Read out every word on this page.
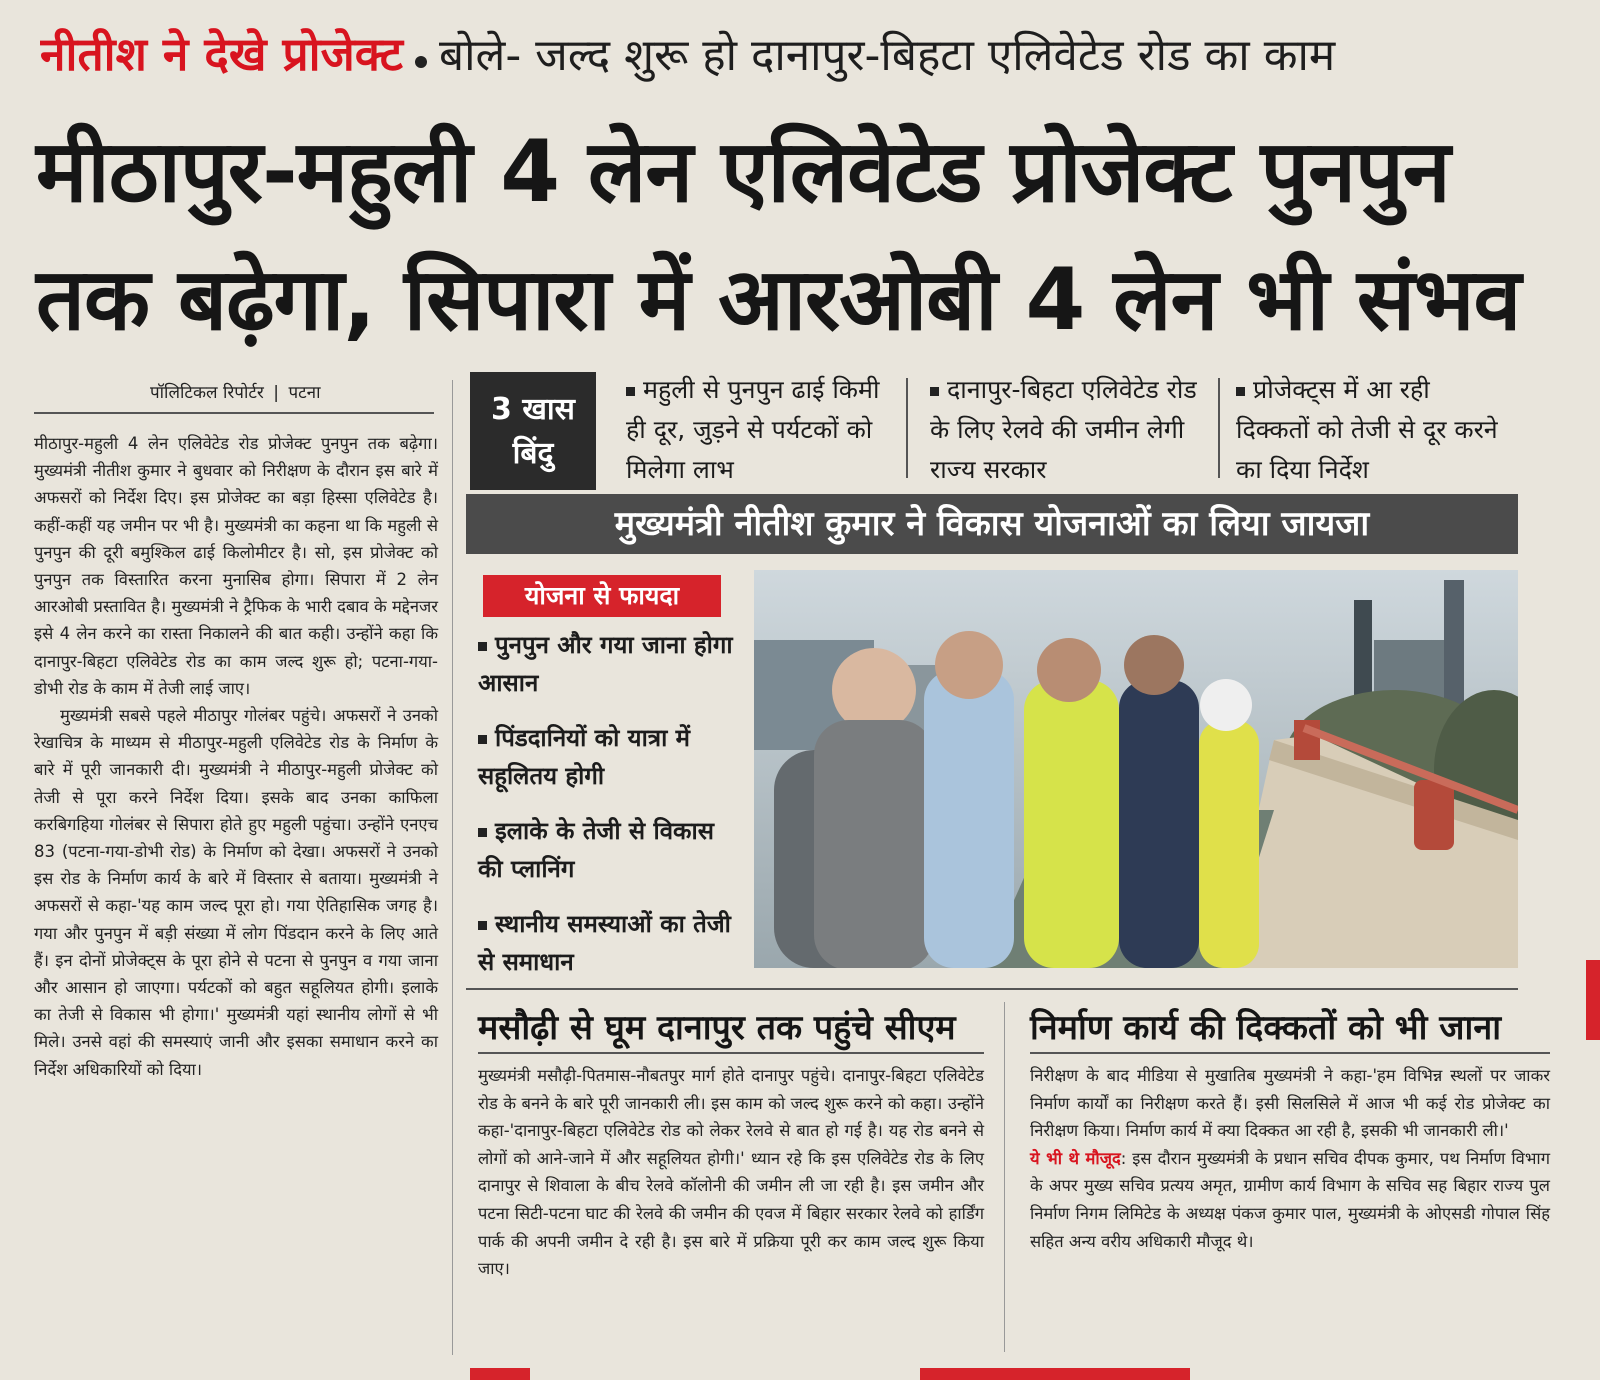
नीतीश ने देखे प्रोजेक्ट बोले- जल्द शुरू हो दानापुर-बिहटा एलिवेटेड रोड का काम
मीठापुर-महुली 4 लेन एलिवेटेड प्रोजेक्ट पुनपुन
तक बढ़ेगा, सिपारा में आरओबी 4 लेन भी संभव
पॉलिटिकल रिपोर्टर | पटना

मीठापुर-महुली 4 लेन एलिवेटेड रोड प्रोजेक्ट पुनपुन तक बढ़ेगा। मुख्यमंत्री नीतीश कुमार ने बुधवार को निरीक्षण के दौरान इस बारे में अफसरों को निर्देश दिए। इस प्रोजेक्ट का बड़ा हिस्सा एलिवेटेड है। कहीं-कहीं यह जमीन पर भी है। मुख्यमंत्री का कहना था कि महुली से पुनपुन की दूरी बमुश्किल ढाई किलोमीटर है। सो, इस प्रोजेक्ट को पुनपुन तक विस्तारित करना मुनासिब होगा। सिपारा में 2 लेन आरओबी प्रस्तावित है। मुख्यमंत्री ने ट्रैफिक के भारी दबाव के मद्देनजर इसे 4 लेन करने का रास्ता निकालने की बात कही। उन्होंने कहा कि दानापुर-बिहटा एलिवेटेड रोड का काम जल्द शुरू हो; पटना-गया-डोभी रोड के काम में तेजी लाई जाए।

मुख्यमंत्री सबसे पहले मीठापुर गोलंबर पहुंचे। अफसरों ने उनको रेखाचित्र के माध्यम से मीठापुर-महुली एलिवेटेड रोड के निर्माण के बारे में पूरी जानकारी दी। मुख्यमंत्री ने मीठापुर-महुली प्रोजेक्ट को तेजी से पूरा करने निर्देश दिया। इसके बाद उनका काफिला करबिगहिया गोलंबर से सिपारा होते हुए महुली पहुंचा। उन्होंने एनएच 83 (पटना-गया-डोभी रोड) के निर्माण को देखा। अफसरों ने उनको इस रोड के निर्माण कार्य के बारे में विस्तार से बताया। मुख्यमंत्री ने अफसरों से कहा-'यह काम जल्द पूरा हो। गया ऐतिहासिक जगह है। गया और पुनपुन में बड़ी संख्या में लोग पिंडदान करने के लिए आते हैं। इन दोनों प्रोजेक्ट्स के पूरा होने से पटना से पुनपुन व गया जाना और आसान हो जाएगा। पर्यटकों को बहुत सहूलियत होगी। इलाके का तेजी से विकास भी होगा।' मुख्यमंत्री यहां स्थानीय लोगों से भी मिले। उनसे वहां की समस्याएं जानी और इसका समाधान करने का निर्देश अधिकारियों को दिया।

3 खास
बिंदु
महुली से पुनपुन ढाई किमी ही दूर, जुड़ने से पर्यटकों को मिलेगा लाभ
दानापुर-बिहटा एलिवेटेड रोड के लिए रेलवे की जमीन लेगी राज्य सरकार
प्रोजेक्ट्स में आ रही दिक्कतों को तेजी से दूर करने का दिया निर्देश
मुख्यमंत्री नीतीश कुमार ने विकास योजनाओं का लिया जायजा
योजना से फायदा
पुनपुन और गया जाना होगा आसान
पिंडदानियों को यात्रा में सहूलितय होगी
इलाके के तेजी से विकास की प्लानिंग
स्थानीय समस्याओं का तेजी से समाधान
मसौढ़ी से घूम दानापुर तक पहुंचे सीएम

मुख्यमंत्री मसौढ़ी-पितमास-नौबतपुर मार्ग होते दानापुर पहुंचे। दानापुर-बिहटा एलिवेटेड रोड के बनने के बारे पूरी जानकारी ली। इस काम को जल्द शुरू करने को कहा। उन्होंने कहा-'दानापुर-बिहटा एलिवेटेड रोड को लेकर रेलवे से बात हो गई है। यह रोड बनने से लोगों को आने-जाने में और सहूलियत होगी।' ध्यान रहे कि इस एलिवेटेड रोड के लिए दानापुर से शिवाला के बीच रेलवे कॉलोनी की जमीन ली जा रही है। इस जमीन और पटना सिटी-पटना घाट की रेलवे की जमीन की एवज में बिहार सरकार रेलवे को हार्डिंग पार्क की अपनी जमीन दे रही है। इस बारे में प्रक्रिया पूरी कर काम जल्द शुरू किया जाए।

निर्माण कार्य की दिक्कतों को भी जाना

निरीक्षण के बाद मीडिया से मुखातिब मुख्यमंत्री ने कहा-'हम विभिन्न स्थलों पर जाकर निर्माण कार्यों का निरीक्षण करते हैं। इसी सिलसिले में आज भी कई रोड प्रोजेक्ट का निरीक्षण किया। निर्माण कार्य में क्या दिक्कत आ रही है, इसकी भी जानकारी ली।'

ये भी थे मौजूद: इस दौरान मुख्यमंत्री के प्रधान सचिव दीपक कुमार, पथ निर्माण विभाग के अपर मुख्य सचिव प्रत्यय अमृत, ग्रामीण कार्य विभाग के सचिव सह बिहार राज्य पुल निर्माण निगम लिमिटेड के अध्यक्ष पंकज कुमार पाल, मुख्यमंत्री के ओएसडी गोपाल सिंह सहित अन्य वरीय अधिकारी मौजूद थे।
